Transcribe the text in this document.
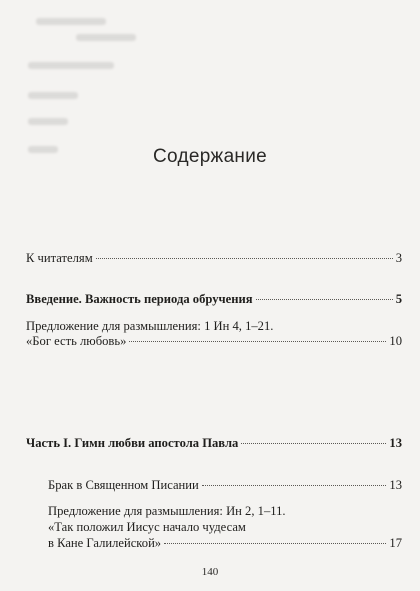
Содержание
К читателям	3
Введение. Важность периода обручения	5
Предложение для размышления: 1 Ин 4, 1–21.
«Бог есть любовь»	10
Часть I. Гимн любви апостола Павла	13
Брак в Священном Писании	13
Предложение для размышления: Ин 2, 1–11.
«Так положил Иисус начало чудесам
в Кане Галилейской»	17
140
